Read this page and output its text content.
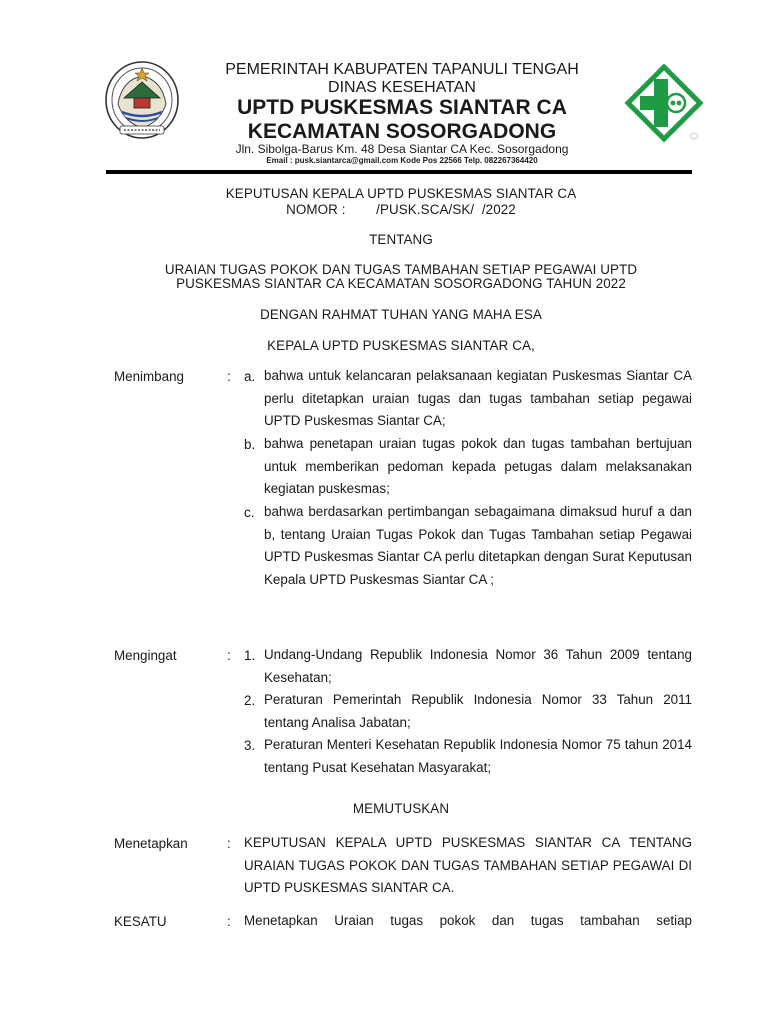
PEMERINTAH KABUPATEN TAPANULI TENGAH
DINAS KESEHATAN
UPTD PUSKESMAS SIANTAR CA
KECAMATAN SOSORGADONG
Jln. Sibolga-Barus Km. 48 Desa Siantar CA Kec. Sosorgadong
Email : pusk.siantarca@gmail.com Kode Pos 22566 Telp. 082267364420
KEPUTUSAN KEPALA UPTD PUSKESMAS SIANTAR CA
NOMOR :        /PUSK.SCA/SK/  /2022
TENTANG
URAIAN TUGAS POKOK DAN TUGAS TAMBAHAN SETIAP PEGAWAI UPTD
PUSKESMAS SIANTAR CA KECAMATAN SOSORGADONG TAHUN 2022
DENGAN RAHMAT TUHAN YANG MAHA ESA
KEPALA UPTD PUSKESMAS SIANTAR CA,
Menimbang	: a. bahwa untuk kelancaran pelaksanaan kegiatan Puskesmas Siantar CA perlu ditetapkan uraian tugas dan tugas tambahan setiap pegawai UPTD Puskesmas Siantar CA;
b. bahwa penetapan uraian tugas pokok dan tugas tambahan bertujuan untuk memberikan pedoman kepada petugas dalam melaksanakan kegiatan puskesmas;
c. bahwa berdasarkan pertimbangan sebagaimana dimaksud huruf a dan b, tentang Uraian Tugas Pokok dan Tugas Tambahan setiap Pegawai UPTD Puskesmas Siantar CA perlu ditetapkan dengan Surat Keputusan Kepala UPTD Puskesmas Siantar CA ;
Mengingat	: 1. Undang-Undang Republik Indonesia Nomor 36 Tahun 2009 tentang Kesehatan;
2. Peraturan Pemerintah Republik Indonesia Nomor 33 Tahun 2011 tentang Analisa Jabatan;
3. Peraturan Menteri Kesehatan Republik Indonesia Nomor 75 tahun 2014 tentang Pusat Kesehatan Masyarakat;
MEMUTUSKAN
Menetapkan	: KEPUTUSAN KEPALA UPTD PUSKESMAS SIANTAR CA TENTANG URAIAN TUGAS POKOK DAN TUGAS TAMBAHAN SETIAP PEGAWAI DI UPTD PUSKESMAS SIANTAR CA.
KESATU	: Menetapkan Uraian tugas pokok dan tugas tambahan setiap
